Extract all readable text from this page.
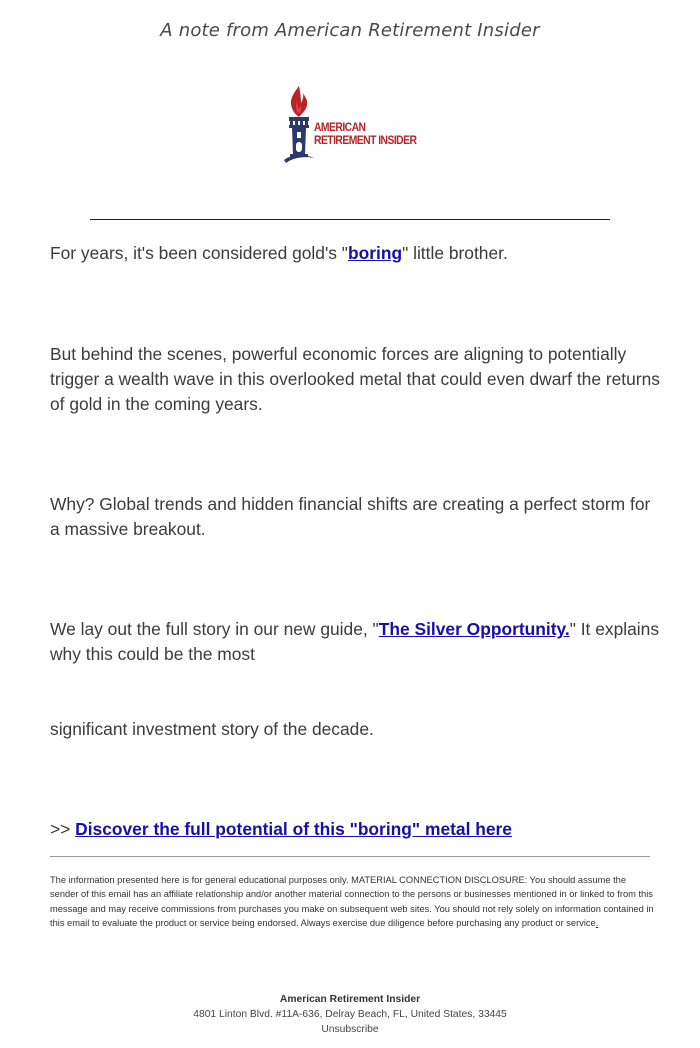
A note from American Retirement Insider
AMERICAN
RETIREMENT INSIDER

For years, it's been considered gold's "boring" little brother.

But behind the scenes, powerful economic forces are aligning to potentially trigger a wealth wave in this overlooked metal that could even dwarf the returns of gold in the coming years.

Why? Global trends and hidden financial shifts are creating a perfect storm for a massive breakout.

We lay out the full story in our new guide, "The Silver Opportunity." It explains why this could be the most

significant investment story of the decade.

>> Discover the full potential of this "boring" metal here

The information presented here is for general educational purposes only. MATERIAL CONNECTION DISCLOSURE: You should assume the sender of this email has an affiliate relationship and/or another material connection to the persons or businesses mentioned in or linked to from this message and may receive commissions from purchases you make on subsequent web sites. You should not rely solely on information contained in this email to evaluate the product or service being endorsed. Always exercise due diligence before purchasing any product or service.

American Retirement Insider
4801 Linton Blvd. #11A-636, Delray Beach, FL, United States, 33445
Unsubscribe
